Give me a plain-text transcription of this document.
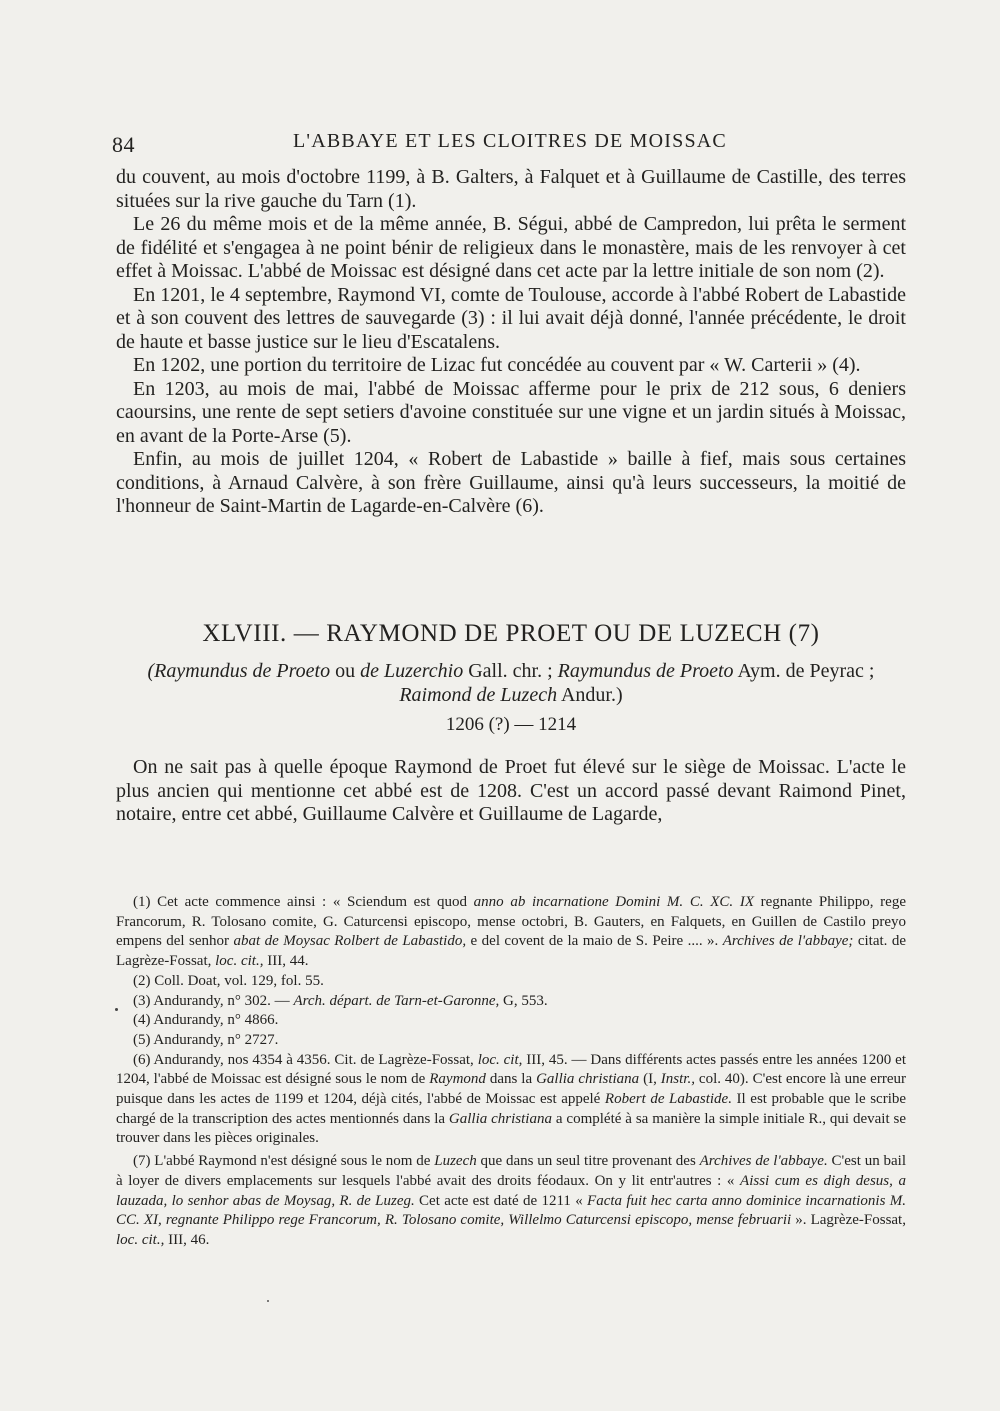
84	L'ABBAYE ET LES CLOITRES DE MOISSAC

du couvent, au mois d'octobre 1199, à B. Galters, à Falquet et à Guillaume de Castille, des terres situées sur la rive gauche du Tarn (1).

Le 26 du même mois et de la même année, B. Ségui, abbé de Campredon, lui prêta le serment de fidélité et s'engagea à ne point bénir de religieux dans le monastère, mais de les renvoyer à cet effet à Moissac. L'abbé de Moissac est désigné dans cet acte par la lettre initiale de son nom (2).

En 1201, le 4 septembre, Raymond VI, comte de Toulouse, accorde à l'abbé Robert de Labastide et à son couvent des lettres de sauvegarde (3) : il lui avait déjà donné, l'année précédente, le droit de haute et basse justice sur le lieu d'Escatalens.

En 1202, une portion du territoire de Lizac fut concédée au couvent par « W. Carterii » (4).

En 1203, au mois de mai, l'abbé de Moissac afferme pour le prix de 212 sous, 6 deniers caoursins, une rente de sept setiers d'avoine constituée sur une vigne et un jardin situés à Moissac, en avant de la Porte-Arse (5).

Enfin, au mois de juillet 1204, « Robert de Labastide » baille à fief, mais sous certaines conditions, à Arnaud Calvère, à son frère Guillaume, ainsi qu'à leurs successeurs, la moitié de l'honneur de Saint-Martin de Lagarde-en-Calvère (6).

XLVIII. — RAYMOND DE PROET OU DE LUZECH (7)
(Raymundus de Proeto ou de Luzerchio Gall. chr. ; Raymundus de Proeto Aym. de Peyrac ;
Raimond de Luzech Andur.)
1206 (?) — 1214

On ne sait pas à quelle époque Raymond de Proet fut élevé sur le siège de Moissac. L'acte le plus ancien qui mentionne cet abbé est de 1208. C'est un accord passé devant Raimond Pinet, notaire, entre cet abbé, Guillaume Calvère et Guillaume de Lagarde,

(1) Cet acte commence ainsi : « Sciendum est quod anno ab incarnatione Domini M. C. XC. IX regnante Philippo, rege Francorum, R. Tolosano comite, G. Caturcensi episcopo, mense octobri, B. Gauters, en Falquets, en Guillen de Castilo preyo empens del senhor abat de Moysac Rolbert de Labastido, e del covent de la maio de S. Peire .... ». Archives de l'abbaye; citat. de Lagrèze-Fossat, loc. cit., III, 44.

(2) Coll. Doat, vol. 129, fol. 55.

(3) Andurandy, n° 302. — Arch. départ. de Tarn-et-Garonne, G, 553.

(4) Andurandy, n° 4866.

(5) Andurandy, n° 2727.

(6) Andurandy, nos 4354 à 4356. Cit. de Lagrèze-Fossat, loc. cit, III, 45. — Dans différents actes passés entre les années 1200 et 1204, l'abbé de Moissac est désigné sous le nom de Raymond dans la Gallia christiana (I, Instr., col. 40). C'est encore là une erreur puisque dans les actes de 1199 et 1204, déjà cités, l'abbé de Moissac est appelé Robert de Labastide. Il est probable que le scribe chargé de la transcription des actes mentionnés dans la Gallia christiana a complété à sa manière la simple initiale R., qui devait se trouver dans les pièces originales.

(7) L'abbé Raymond n'est désigné sous le nom de Luzech que dans un seul titre provenant des Archives de l'abbaye. C'est un bail à loyer de divers emplacements sur lesquels l'abbé avait des droits féodaux. On y lit entr'autres : « Aissi cum es digh desus, a lauzada, lo senhor abas de Moysag, R. de Luzeg. Cet acte est daté de 1211 « Facta fuit hec carta anno dominice incarnationis M. CC. XI, regnante Philippo rege Francorum, R. Tolosano comite, Willelmo Caturcensi episcopo, mense februarii ». Lagrèze-Fossat, loc. cit., III, 46.
